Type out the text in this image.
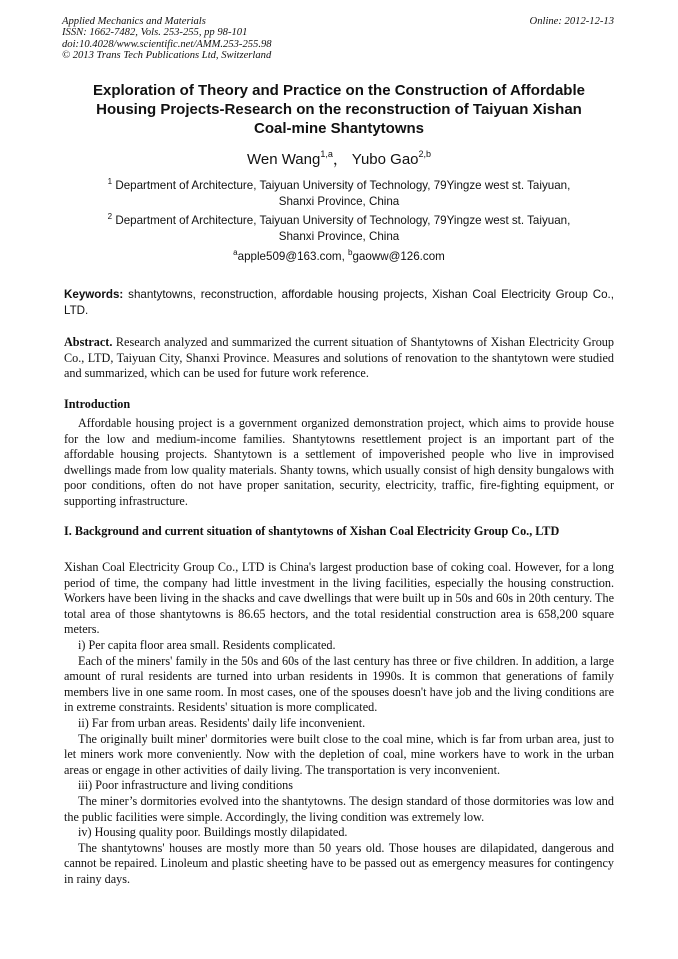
Applied Mechanics and Materials
ISSN: 1662-7482, Vols. 253-255, pp 98-101
doi:10.4028/www.scientific.net/AMM.253-255.98
© 2013 Trans Tech Publications Ltd, Switzerland
Online: 2012-12-13
Exploration of Theory and Practice on the Construction of Affordable
Housing Projects-Research on the reconstruction of Taiyuan Xishan
Coal-mine Shantytowns
Wen Wang$^{1,a}$， Yubo Gao$^{2,b}$
$^1$ Department of Architecture, Taiyuan University of Technology, 79Yingze west st. Taiyuan,
Shanxi Province, China
$^2$ Department of Architecture, Taiyuan University of Technology, 79Yingze west st. Taiyuan,
Shanxi Province, China
$^a$apple509@163.com, $^b$gaoww@126.com
Keywords: shantytowns, reconstruction, affordable housing projects, Xishan Coal Electricity Group Co., LTD.
Abstract. Research analyzed and summarized the current situation of Shantytowns of Xishan Electricity Group Co., LTD, Taiyuan City, Shanxi Province. Measures and solutions of renovation to the shantytown were studied and summarized, which can be used for future work reference.
Introduction

Affordable housing project is a government organized demonstration project, which aims to provide house for the low and medium-income families. Shantytowns resettlement project is an important part of the affordable housing projects. Shantytown is a settlement of impoverished people who live in improvised dwellings made from low quality materials. Shanty towns, which usually consist of high density bungalows with poor conditions, often do not have proper sanitation, security, electricity, traffic, fire-fighting equipment, or supporting infrastructure.

I. Background and current situation of shantytowns of Xishan Coal Electricity Group Co., LTD

Xishan Coal Electricity Group Co., LTD is China's largest production base of coking coal. However, for a long period of time, the company had little investment in the living facilities, especially the housing construction. Workers have been living in the shacks and cave dwellings that were built up in 50s and 60s in 20th century. The total area of those shantytowns is 86.65 hectors, and the total residential construction area is 658,200 square meters.

i) Per capita floor area small. Residents complicated.

Each of the miners' family in the 50s and 60s of the last century has three or five children. In addition, a large amount of rural residents are turned into urban residents in 1990s. It is common that generations of family members live in one same room. In most cases, one of the spouses doesn't have job and the living conditions are in extreme constraints. Residents' situation is more complicated.

ii) Far from urban areas. Residents' daily life inconvenient.

The originally built miner' dormitories were built close to the coal mine, which is far from urban area, just to let miners work more conveniently. Now with the depletion of coal, mine workers have to work in the urban areas or engage in other activities of daily living. The transportation is very inconvenient.

iii) Poor infrastructure and living conditions

The miner’s dormitories evolved into the shantytowns. The design standard of those dormitories was low and the public facilities were simple. Accordingly, the living condition was extremely low.

iv) Housing quality poor. Buildings mostly dilapidated.

The shantytowns' houses are mostly more than 50 years old. Those houses are dilapidated, dangerous and cannot be repaired. Linoleum and plastic sheeting have to be passed out as emergency measures for contingency in rainy days.
